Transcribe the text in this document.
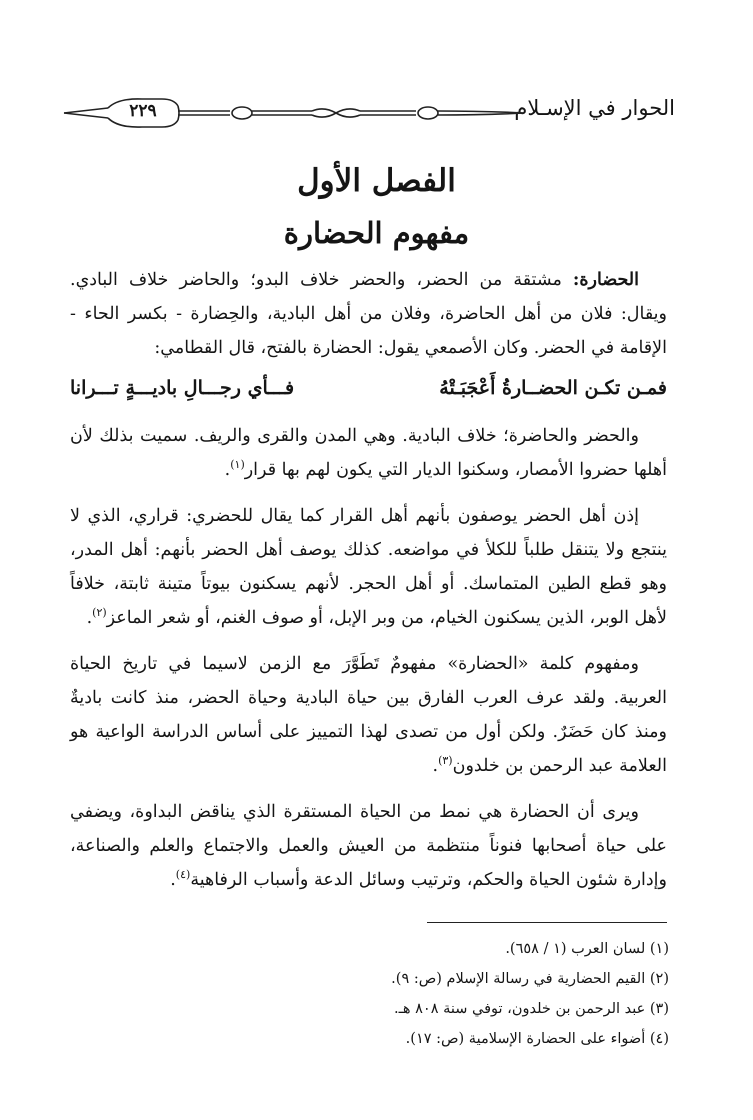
الحوار في الإسـلام
٢٢٩
الفصل الأول
مفهوم الحضارة

الحضارة: مشتقة من الحضر، والحضر خلاف البدو؛ والحاضر خلاف البادي. ويقال: فلان من أهل الحاضرة، وفلان من أهل البادية، والحِضارة - بكسر الحاء - الإقامة في الحضر. وكان الأصمعي يقول: الحضارة بالفتح، قال القطامي:

فمـن تكـن الحضــارةُ أَعْجَبَـتْهُ
فـــأي رجـــالِ باديـــةٍ تـــرانا

والحضر والحاضرة؛ خلاف البادية. وهي المدن والقرى والريف. سميت بذلك لأن أهلها حضروا الأمصار، وسكنوا الديار التي يكون لهم بها قرار$^{(١)}$.

إذن أهل الحضر يوصفون بأنهم أهل القرار كما يقال للحضري: قراري، الذي لا ينتجع ولا يتنقل طلباً للكلأ في مواضعه. كذلك يوصف أهل الحضر بأنهم: أهل المدر، وهو قطع الطين المتماسك. أو أهل الحجر. لأنهم يسكنون بيوتاً متينة ثابتة، خلافاً لأهل الوبر، الذين يسكنون الخيام، من وبر الإبل، أو صوف الغنم، أو شعر الماعز$^{(٢)}$.

ومفهوم كلمة «الحضارة» مفهومٌ تَطَوَّرَ مع الزمن لاسيما في تاريخ الحياة العربية. ولقد عرف العرب الفارق بين حياة البادية وحياة الحضر، منذ كانت باديةٌ ومنذ كان حَضَرٌ. ولكن أول من تصدى لهذا التمييز على أساس الدراسة الواعية هو العلامة عبد الرحمن بن خلدون$^{(٣)}$.

ويرى أن الحضارة هي نمط من الحياة المستقرة الذي يناقض البداوة، ويضفي على حياة أصحابها فنوناً منتظمة من العيش والعمل والاجتماع والعلم والصناعة، وإدارة شئون الحياة والحكم، وترتيب وسائل الدعة وأسباب الرفاهية$^{(٤)}$.

(١) لسان العرب (١ / ٦٥٨).
(٢) القيم الحضارية في رسالة الإسلام (ص: ٩).
(٣) عبد الرحمن بن خلدون، توفي سنة ٨٠٨ هـ.
(٤) أضواء على الحضارة الإسلامية (ص: ١٧).
